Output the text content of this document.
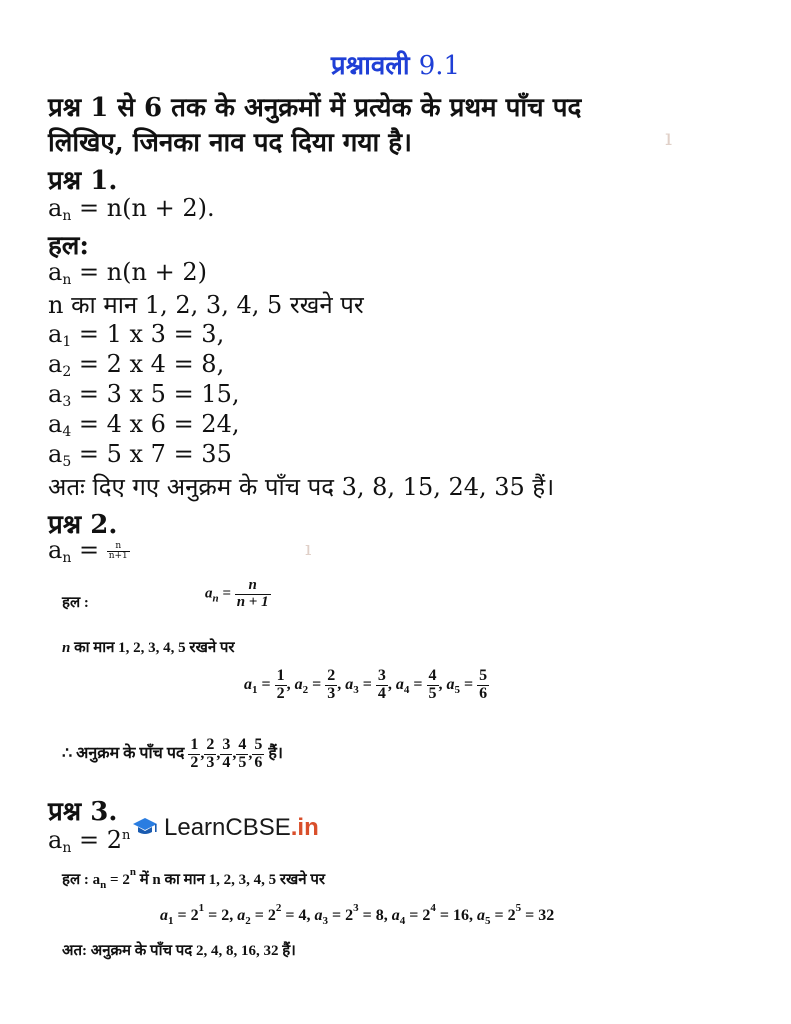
प्रश्नावली 9.1
प्रश्न 1 से 6 तक के अनुक्रमों में प्रत्येक के प्रथम पाँच पद
लिखिए, जिनका नाव पद दिया गया है।	ı
प्रश्न 1.
$a_n = n(n + 2)$.
हल:
$a_n = n(n + 2)$
n का मान 1, 2, 3, 4, 5 रखने पर
$a_1 = 1$ x 3 = 3,
$a_2 = 2$ x 4 = 8,
$a_3 = 3$ x 5 = 15,
$a_4 = 4$ x 6 = 24,
$a_5 = 5$ x 7 = 35
अतः दिए गए अनुक्रम के पाँच पद 3, 8, 15, 24, 35 हैं।
प्रश्न 2.
$a_n = \frac{n}{n+1}$	ı
हल :
$a_n = \frac{n}{n + 1}$
n का मान 1, 2, 3, 4, 5 रखने पर
$a_1 = \frac{1}{2}$ , $a_2 = \frac{2}{3}$ , $a_3 = \frac{3}{4}$ , $a_4 = \frac{4}{5}$ , $a_5 = \frac{5}{6}$
∴ अनुक्रम के पाँच पद $\frac{1}{2}$ , $\frac{2}{3}$ , $\frac{3}{4}$ , $\frac{4}{5}$ , $\frac{5}{6}$ हैं।
प्रश्न 3.
$a_n = 2^n$	LearnCBSE.in
हल : $a_n = 2^n$ में n का मान 1, 2, 3, 4, 5 रखने पर
$a_1 = 2^1 = 2$, $a_2 = 2^2 = 4$, $a_3 = 2^3 = 8$, $a_4 = 2^4 = 16$, $a_5 = 2^5 = 32$
अत: अनुक्रम के पाँच पद 2, 4, 8, 16, 32 हैं।
